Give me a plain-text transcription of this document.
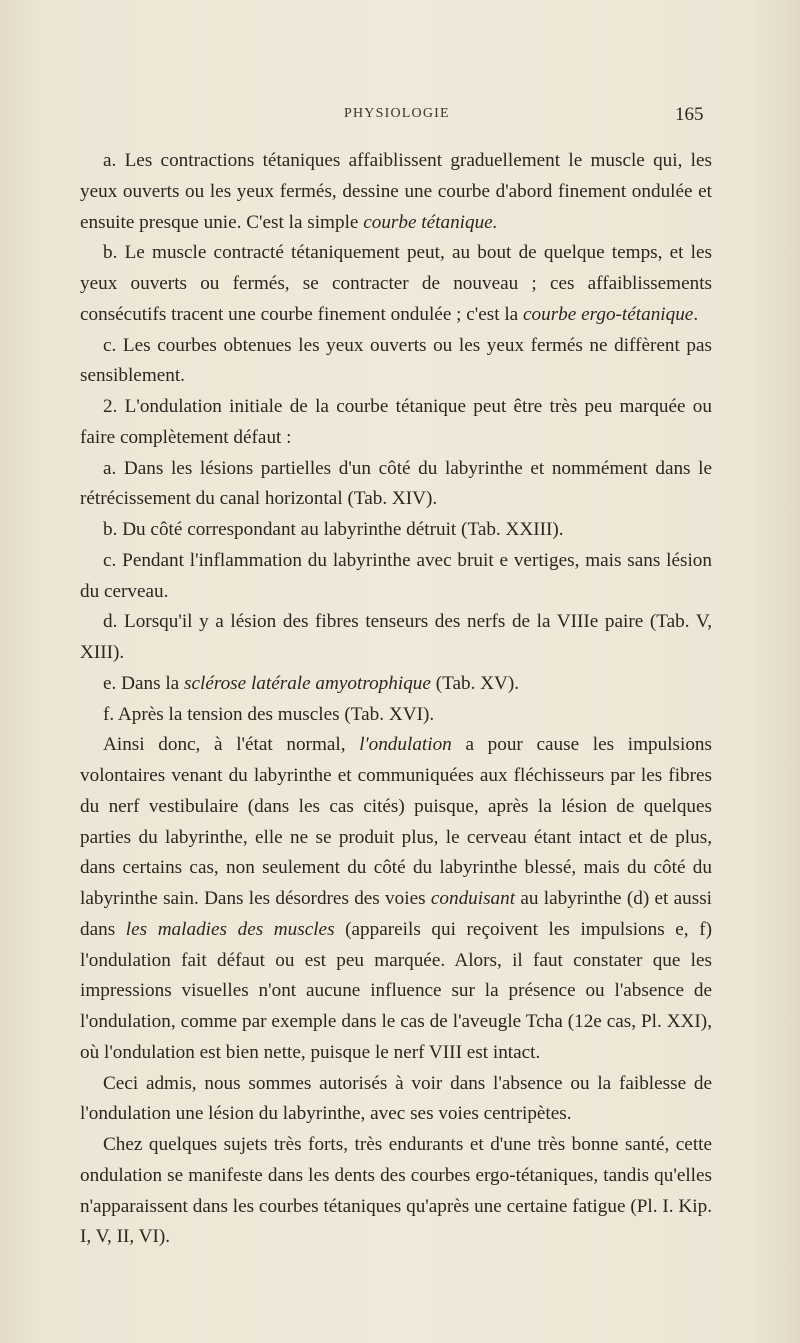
PHYSIOLOGIE	165

a. Les contractions tétaniques affaiblissent graduellement le muscle qui, les yeux ouverts ou les yeux fermés, dessine une courbe d'abord finement ondulée et ensuite presque unie. C'est la simple courbe tétanique.

b. Le muscle contracté tétaniquement peut, au bout de quelque temps, et les yeux ouverts ou fermés, se contracter de nouveau ; ces affaiblissements consécutifs tracent une courbe finement ondulée ; c'est la courbe ergo-tétanique.

c. Les courbes obtenues les yeux ouverts ou les yeux fermés ne diffèrent pas sensiblement.

2. L'ondulation initiale de la courbe tétanique peut être très peu marquée ou faire complètement défaut :

a. Dans les lésions partielles d'un côté du labyrinthe et nommément dans le rétrécissement du canal horizontal (Tab. XIV).

b. Du côté correspondant au labyrinthe détruit (Tab. XXIII).

c. Pendant l'inflammation du labyrinthe avec bruit e vertiges, mais sans lésion du cerveau.

d. Lorsqu'il y a lésion des fibres tenseurs des nerfs de la VIIIe paire (Tab. V, XIII).

e. Dans la sclérose latérale amyotrophique (Tab. XV).

f. Après la tension des muscles (Tab. XVI).

Ainsi donc, à l'état normal, l'ondulation a pour cause les impulsions volontaires venant du labyrinthe et communiquées aux fléchisseurs par les fibres du nerf vestibulaire (dans les cas cités) puisque, après la lésion de quelques parties du labyrinthe, elle ne se produit plus, le cerveau étant intact et de plus, dans certains cas, non seulement du côté du labyrinthe blessé, mais du côté du labyrinthe sain. Dans les désordres des voies conduisant au labyrinthe (d) et aussi dans les maladies des muscles (appareils qui reçoivent les impulsions e, f) l'ondulation fait défaut ou est peu marquée. Alors, il faut constater que les impressions visuelles n'ont aucune influence sur la présence ou l'absence de l'ondulation, comme par exemple dans le cas de l'aveugle Tcha (12e cas, Pl. XXI), où l'ondulation est bien nette, puisque le nerf VIII est intact.

Ceci admis, nous sommes autorisés à voir dans l'absence ou la faiblesse de l'ondulation une lésion du labyrinthe, avec ses voies centripètes.

Chez quelques sujets très forts, très endurants et d'une très bonne santé, cette ondulation se manifeste dans les dents des courbes ergo-tétaniques, tandis qu'elles n'apparaissent dans les courbes tétaniques qu'après une certaine fatigue (Pl. I. Kip. I, V, II, VI).
